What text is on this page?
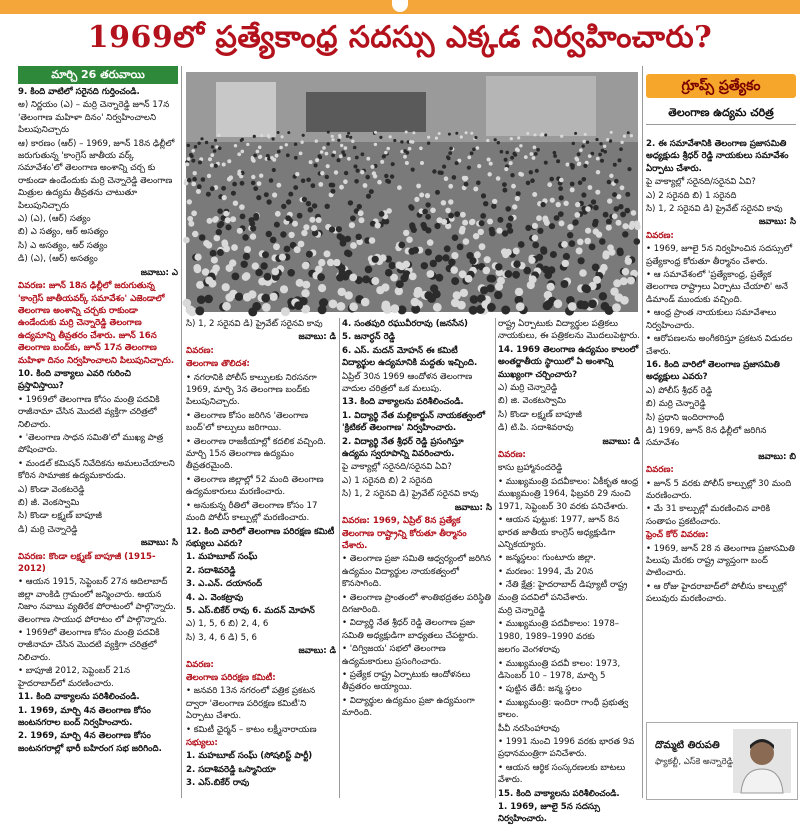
1969లో ప్రత్యేకాంధ్ర సదస్సు ఎక్కడ నిర్వహించారు?
మార్చి 26 తరువాయి

9. కింది వాటిలో సరైనది గుర్తించండి.

అ) నిర్ణయం (ఎ) – మర్రి చెన్నారెడ్డి జూన్ 17న 'తెలంగాణ మహిళా దినం' నిర్వహించాలని పిలుపునిచ్చారు

ఆ) కారణం (ఆర్) – 1969, జూన్ 18న ఢిల్లీలో జరుగుతున్న 'కాంగ్రెస్ జాతీయ వర్క్ సమావేశం'లో తెలంగాణ అంశాన్ని చర్చ కు రాకుండా ఉండేందుకు మర్రి చెన్నారెడ్డి తెలంగాణ మిత్రుల ఉద్యమ తీవ్రతను చాటుతూ పిలుపునిచ్చారు

ఎ) (ఎ), (ఆర్) సత్యం

బి) ఎ సత్యం, ఆర్ అసత్యం

సి) ఎ అసత్యం, ఆర్ సత్యం

డి) (ఎ), (ఆర్) అసత్యం

జవాబు: ఎ

వివరణ: జూన్ 18న ఢిల్లీలో జరుగుతున్న 'కాంగ్రెస్ జాతీయవర్క్ సమావేశం' ఎజెండాలో తెలంగాణ అంశాన్ని చర్చకు రాకుండా ఉండేందుకు మర్రి చెన్నారెడ్డి తెలంగాణ ఉద్యమాన్ని తీవ్రతరం చేశారు. జూన్ 16న తెలంగాణ బంద్‌కు, జూన్ 17న తెలంగాణ మహిళా దినం నిర్వహించాలని పిలుపునిచ్చారు.

10. కింది వాక్యాలు ఎవరి గురించి ప్రస్తావిస్తాయి?

• 1969లో తెలంగాణ కోసం మంత్రి పదవికి రాజీనామా చేసిన మొదటి వ్యక్తిగా చరిత్రలో నిలిచారు.

• 'తెలంగాణ సాధన సమితి'లో ముఖ్య పాత్ర పోషించారు.

• మండల్ కమిషన్ నివేదికను అమలుచేయాలని కోరిన సామాజిక ఉద్యమకారుడు.

ఎ) కొండా వెంకటరెడ్డి

బి) జీ. వెంకస్వామి

సి) కొండా లక్ష్మణ్ బాపూజీ

డి) మర్రి చెన్నారెడ్డి

జవాబు: సి

వివరణ: కొండా లక్ష్మణ్ బాపూజీ (1915-2012)

• ఆయన 1915, సెప్టెంబర్ 27న ఆదిలాబాద్ జిల్లా వాంకిడి గ్రామంలో జన్మించారు. ఆయన నిజాం నవాబు వ్యతిరేక పోరాటంలో పాల్గొన్నారు. తెలంగాణ సాయుధ పోరాటం లో పాల్గొన్నారు.

• 1969లో తెలంగాణ కోసం మంత్రి పదవికి రాజీనామా చేసిన మొదటి వ్యక్తిగా చరిత్రలో నిలిచారు.

• బాపూజీ 2012, సెప్టెంబర్ 21న హైదరాబాద్‌లో మరణించారు.

11. కింది వాక్యాలను పరిశీలించండి.

1. 1969, మార్చి 4న తెలంగాణ కోసం జంటనగరాల బంద్ నిర్వహించారు.

2. 1969, మార్చి 4న తెలంగాణ కోసం జంటనగరాల్లో భారీ బహిరంగ సభ జరిగింది.

సి) 1, 2 సరైనవి డి) ప్రైవేట్ సరైనవి కావు

జవాబు: డి

వివరణ:

తెలంగాణ తొలిదశ:

• నగరానికి పోలీస్ కాల్పులకు నిరసనగా 1969, మార్చి 3న తెలంగాణ బంద్‌కు పిలుపునిచ్చారు.

• తెలంగాణ కోసం జరిగిన 'తెలంగాణ బంద్'లో కాల్పులు జరిగాయి.

• తెలంగాణ రాజకీయాల్లో కదలిక వచ్చింది. మార్చి 15న తెలంగాణ ఉద్యమం తీవ్రతరమైంది.

• తెలంగాణ జిల్లాల్లో 52 మంది తెలంగాణ ఉద్యమకారులు మరణించారు.

• అనుకున్న రీతిలో తెలంగాణ కోసం 17 మంది పోలీస్ కాల్పుల్లో మరణించారు.

12. కింది వారిలో తెలంగాణ పరిరక్షణ కమిటీ సభ్యులు ఎవరు?

1. మహబూబ్ సంఘ్

2. సదాశివరెడ్డి

3. ఎ.ఎన్. దయానంద్

4. ఎ. వెంకట్రావు

5. ఎస్.బికేర్ రావు 6. మదన్ మోహన్

ఎ) 1, 5, 6 బి) 2, 4, 6

సి) 3, 4, 6 డి) 5, 6

జవాబు: డి

వివరణ:

తెలంగాణ పరిరక్షణ కమిటీ:

• జనవరి 13న నగరంలో పత్రిక ప్రకటన ద్వారా 'తెలంగాణ పరిరక్షణ కమిటీ'ని ఏర్పాటు చేశారు.

• కమిటీ ఛైర్మన్ – కాటం లక్ష్మీనారాయణ

సభ్యులు:

1. మహబూబ్ సంఘ్ (సోషలిస్ట్ పార్టీ)

2. సదాశివరెడ్డి ఒస్మానియా

3. ఎస్.బికేర్ రావు

4. సంతపురి రఘువీరరావు (జనసేన)

5. జనార్ధన్ రెడ్డి

6. ఎస్. మదన్ మోహన్ ఈ కమిటీ విద్యార్థుల ఉద్యమానికి మద్దతు ఇచ్చింది.

ఏప్రిల్ 30న 1969 ఆందోళన తెలంగాణ వాదుల చరిత్రలో ఒక మలుపు.

13. కింది వాక్యాలను పరిశీలించండి.

1. విద్యార్థి నేత మల్లికార్జున్ నాయకత్వంలో 'క్రిటికల్ తెలంగాణ' నిర్వహించారు.

2. విద్యార్థి నేత శ్రీధర్ రెడ్డి ప్రసంగిస్తూ ఉద్యమ స్వరూపాన్ని వివరించారు.

పై వాక్యాల్లో సరైనది/సరైనవి ఏవి?

ఎ) 1 సరైనది బి) 2 సరైనది

సి) 1, 2 సరైనవి డి) ప్రైవేట్ సరైనవి కావు

జవాబు: సి

వివరణ: 1969, ఏప్రిల్ 8న ప్రత్యేక తెలంగాణ రాష్ట్రాన్ని కోరుతూ తీర్మానం చేశారు.

• తెలంగాణ ప్రజా సమితి ఆధ్వర్యంలో జరిగిన ఉద్యమం విద్యార్థుల నాయకత్వంలో కొనసాగింది.

• తెలంగాణ ప్రాంతంలో శాంతిభద్రతల పరిస్థితి దిగజారింది.

• విద్యార్థి నేత శ్రీధర్ రెడ్డి తెలంగాణ ప్రజా సమితి అధ్యక్షుడిగా బాధ్యతలు చేపట్టారు.

• 'దిగ్విజయ' సభలో తెలంగాణ ఉద్యమకారులు ప్రసంగించారు.

• ప్రత్యేక రాష్ట్ర ఏర్పాటుకు ఆందోళనలు తీవ్రతరం అయ్యాయి.

• విద్యార్థుల ఉద్యమం ప్రజా ఉద్యమంగా మారింది.

రాష్ట్ర ఏర్పాటుకు విద్యార్థుల పత్రికలు నాయకులు, ఈ పత్రికలను మొదలుపెట్టారు.

14. 1969 తెలంగాణ ఉద్యమం కాలంలో అంతర్జాతీయ స్థాయిలో ఏ అంశాన్ని ముఖ్యంగా చర్చించారు?

ఎ) మర్రి చెన్నారెడ్డి

బి) జి. వెంకటస్వామి

సి) కొండా లక్ష్మణ్ బాపూజీ

డి) టి.పి. సదాశివరావు

జవాబు: డి

వివరణ:

కాసు బ్రహ్మానందరెడ్డి

• ముఖ్యమంత్రి పదవీకాలం: ఏకీకృత ఆంధ్ర ముఖ్యమంత్రి 1964, ఫిబ్రవరి 29 నుంచి 1971, సెప్టెంబర్ 30 వరకు పనిచేశారు.

• ఆయన పుట్టుక: 1977, జూన్ 8న భారత జాతీయ కాంగ్రెస్ అధ్యక్షుడిగా ఎన్నికయ్యారు.

• జన్మస్థలం: గుంటూరు జిల్లా.

• మరణం: 1994, మే 20న

• నేతి క్షేత్ర: హైదరాబాద్ డిప్యూటీ రాష్ట్ర మంత్రి పదవిలో పనిచేశారు.

మర్రి చెన్నారెడ్డి

• ముఖ్యమంత్రి పదవీకాలం: 1978–1980, 1989–1990 వరకు

జలగం వెంగళరావు

• ముఖ్యమంత్రి పదవీ కాలం: 1973, డిసెంబర్ 10 – 1978, మార్చి 5

• పుట్టిన తేదీ: జన్మ స్థలం

• ముఖ్యమంత్రి: ఇందిరా గాంధీ ప్రభుత్వ కాలం.

పీవీ నరసింహారావు

• 1991 నుంచి 1996 వరకు భారత 9వ ప్రధానమంత్రిగా పనిచేశారు.

• ఆయన ఆర్థిక సంస్కరణలకు బాటలు వేశారు.

15. కింది వాక్యాలను పరిశీలించండి.

1. 1969, జూలై 5న సదస్సు నిర్వహించారు.

గ్రూప్స్ ప్రత్యేకం
తెలంగాణ ఉద్యమ చరిత్ర

2. ఈ సమావేశానికి తెలంగాణ ప్రజాసమితి అధ్యక్షుడు శ్రీధర్ రెడ్డి నాయకులు సమావేశం ఏర్పాటు చేశారు.

పై వాక్యాల్లో సరైనది/సరైనవి ఏవి?

ఎ) 2 సరైనది బి) 1 సరైనది

సి) 1, 2 సరైనవి డి) ప్రైవేట్ సరైనవి కావు

జవాబు: సి

వివరణ:

• 1969, జూలై 5న నిర్వహించిన సదస్సులో ప్రత్యేకాంధ్ర కోరుతూ తీర్మానం చేశారు.

• ఆ సమావేశంలో 'ప్రత్యేకాంధ్ర, ప్రత్యేక తెలంగాణ రాష్ట్రాలు ఏర్పాటు చేయాలి' అనే డిమాండ్ ముందుకు వచ్చింది.

• ఆంధ్ర ప్రాంత నాయకులు సమావేశాలు నిర్వహించారు.

• ఆరోపణలను అంగీకరిస్తూ ప్రకటన విడుదల చేశారు.

16. కింది వారిలో తెలంగాణ ప్రజాసమితి అధ్యక్షులు ఎవరు?

ఎ) పోలీస్ శ్రీధర్ రెడ్డి

బి) మర్రి చెన్నారెడ్డి

సి) ప్రధాని ఇందిరాగాంధీ

డి) 1969, జూన్ 8న ఢిల్లీలో జరిగిన సమావేశం

జవాబు: బి

వివరణ:

• జూన్ 5 వరకు పోలీస్ కాల్పుల్లో 30 మంది మరణించారు.

• మే 31 కాల్పుల్లో మరణించిన వారికి సంతాపం ప్రకటించారు.

ఫ్రెంచ్ కోర్ వివరణ:

• 1969, జూన్ 28 న తెలంగాణ ప్రజాసమితి పిలుపు మేరకు రాష్ట్ర వ్యాప్తంగా బంద్ పాటించారు.

• ఆ రోజు హైదరాబాద్‌లో పోలీసు కాల్పుల్లో పలువురు మరణించారు.

దొమ్మటి తిరుపతి
ఫ్యాకల్టీ, ఎస్‌కె అన్నారెడ్డి
